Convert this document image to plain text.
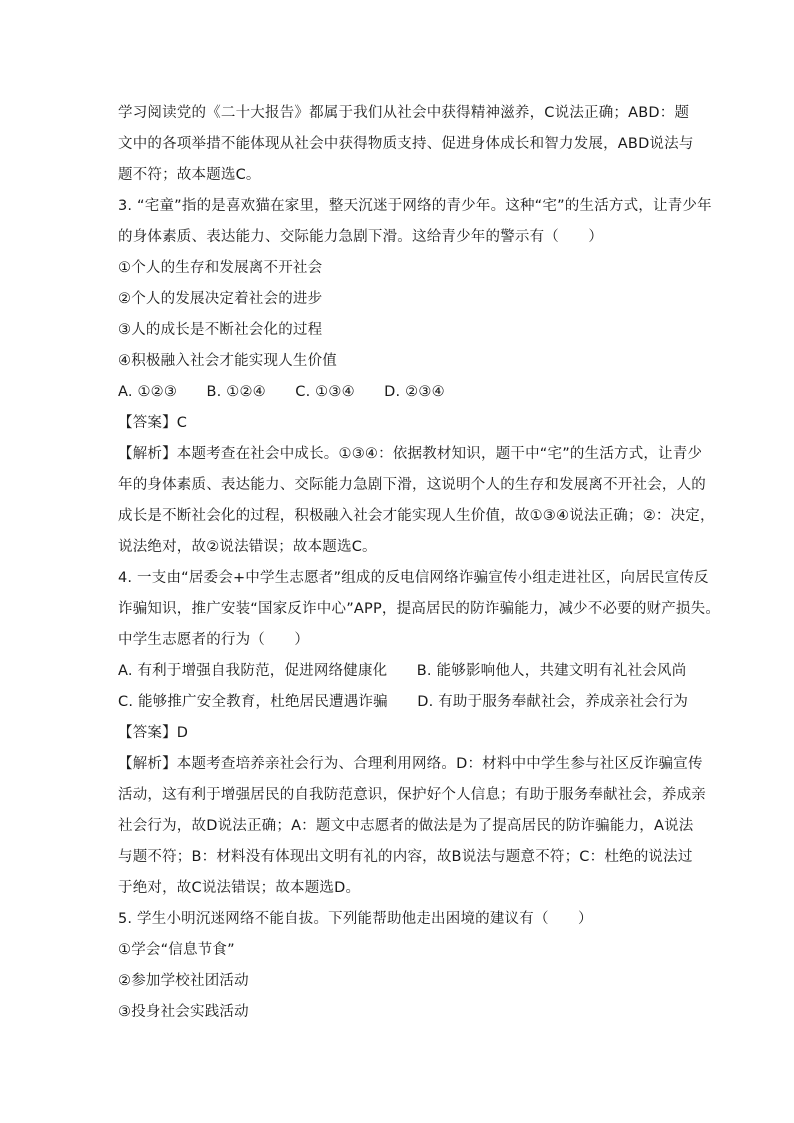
学习阅读党的《二十大报告》都属于我们从社会中获得精神滋养，C说法正确；ABD：题
文中的各项举措不能体现从社会中获得物质支持、促进身体成长和智力发展，ABD说法与
题不符；故本题选C。
3. “宅童”指的是喜欢猫在家里，整天沉迷于网络的青少年。这种“宅”的生活方式，让青少年
的身体素质、表达能力、交际能力急剧下滑。这给青少年的警示有（　　）
①个人的生存和发展离不开社会
②个人的发展决定着社会的进步
③人的成长是不断社会化的过程
④积极融入社会才能实现人生价值
A. ①②③　　B. ①②④　　C. ①③④　　D. ②③④
【答案】C
【解析】本题考查在社会中成长。①③④：依据教材知识，题干中“宅”的生活方式，让青少
年的身体素质、表达能力、交际能力急剧下滑，这说明个人的生存和发展离不开社会，人的
成长是不断社会化的过程，积极融入社会才能实现人生价值，故①③④说法正确；②：决定，
说法绝对，故②说法错误；故本题选C。
4. 一支由“居委会+中学生志愿者”组成的反电信网络诈骗宣传小组走进社区，向居民宣传反
诈骗知识，推广安装“国家反诈中心”APP，提高居民的防诈骗能力，减少不必要的财产损失。
中学生志愿者的行为（　　）
A. 有利于增强自我防范，促进网络健康化　　B. 能够影响他人，共建文明有礼社会风尚
C. 能够推广安全教育，杜绝居民遭遇诈骗　　D. 有助于服务奉献社会，养成亲社会行为
【答案】D
【解析】本题考查培养亲社会行为、合理利用网络。D：材料中中学生参与社区反诈骗宣传
活动，这有利于增强居民的自我防范意识，保护好个人信息；有助于服务奉献社会，养成亲
社会行为，故D说法正确；A：题文中志愿者的做法是为了提高居民的防诈骗能力，A说法
与题不符；B：材料没有体现出文明有礼的内容，故B说法与题意不符；C：杜绝的说法过
于绝对，故C说法错误；故本题选D。
5. 学生小明沉迷网络不能自拔。下列能帮助他走出困境的建议有（　　）
①学会“信息节食”
②参加学校社团活动
③投身社会实践活动
